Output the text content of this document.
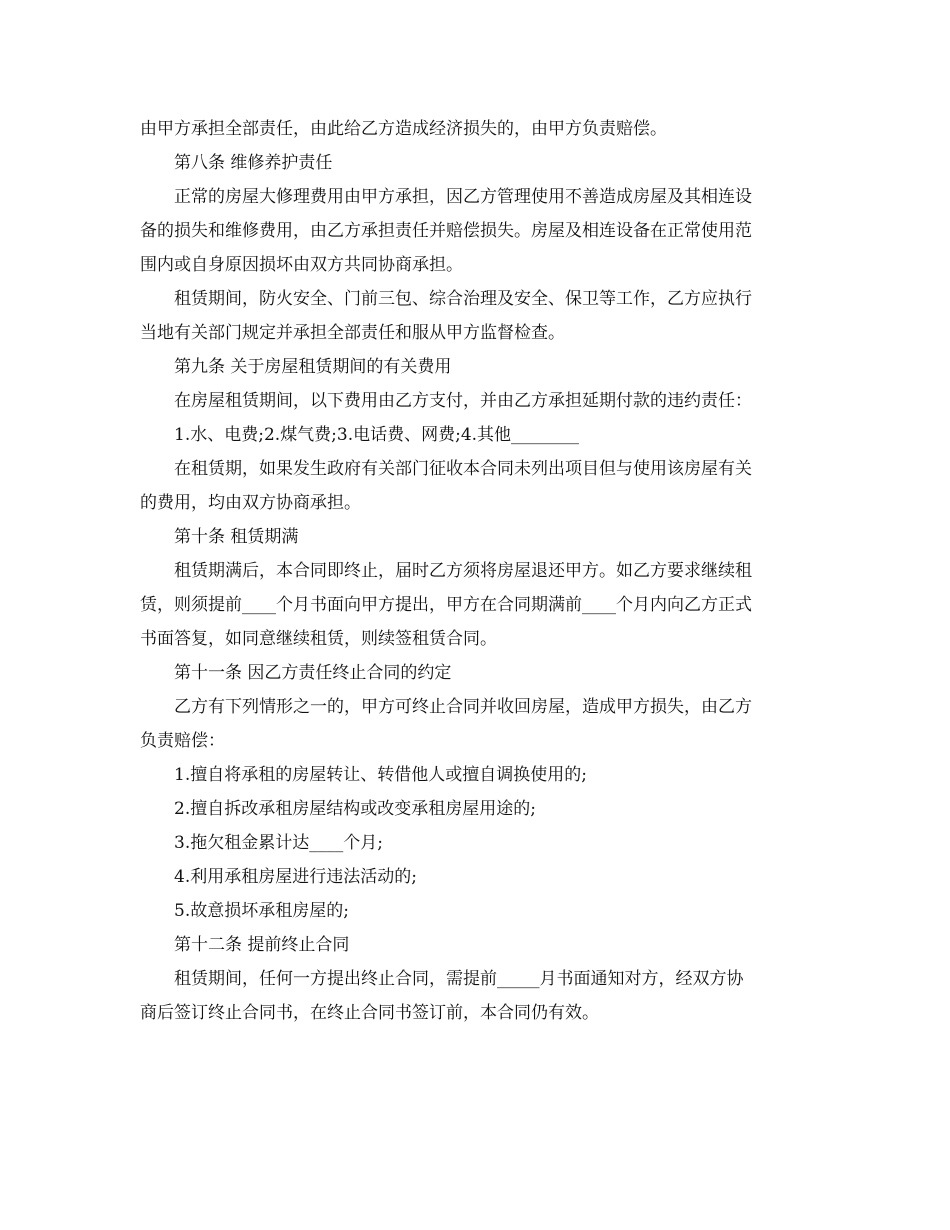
由甲方承担全部责任，由此给乙方造成经济损失的，由甲方负责赔偿。
第八条 维修养护责任
正常的房屋大修理费用由甲方承担，因乙方管理使用不善造成房屋及其相连设
备的损失和维修费用，由乙方承担责任并赔偿损失。房屋及相连设备在正常使用范
围内或自身原因损坏由双方共同协商承担。
租赁期间，防火安全、门前三包、综合治理及安全、保卫等工作，乙方应执行
当地有关部门规定并承担全部责任和服从甲方监督检查。
第九条 关于房屋租赁期间的有关费用
在房屋租赁期间，以下费用由乙方支付，并由乙方承担延期付款的违约责任：
1.水、电费;2.煤气费;3.电话费、网费;4.其他________
在租赁期，如果发生政府有关部门征收本合同未列出项目但与使用该房屋有关
的费用，均由双方协商承担。
第十条 租赁期满
租赁期满后，本合同即终止，届时乙方须将房屋退还甲方。如乙方要求继续租
赁，则须提前____个月书面向甲方提出，甲方在合同期满前____个月内向乙方正式
书面答复，如同意继续租赁，则续签租赁合同。
第十一条 因乙方责任终止合同的约定
乙方有下列情形之一的，甲方可终止合同并收回房屋，造成甲方损失，由乙方
负责赔偿：
1.擅自将承租的房屋转让、转借他人或擅自调换使用的;
2.擅自拆改承租房屋结构或改变承租房屋用途的;
3.拖欠租金累计达____个月;
4.利用承租房屋进行违法活动的;
5.故意损坏承租房屋的;
第十二条 提前终止合同
租赁期间，任何一方提出终止合同，需提前_____月书面通知对方，经双方协
商后签订终止合同书，在终止合同书签订前，本合同仍有效。
